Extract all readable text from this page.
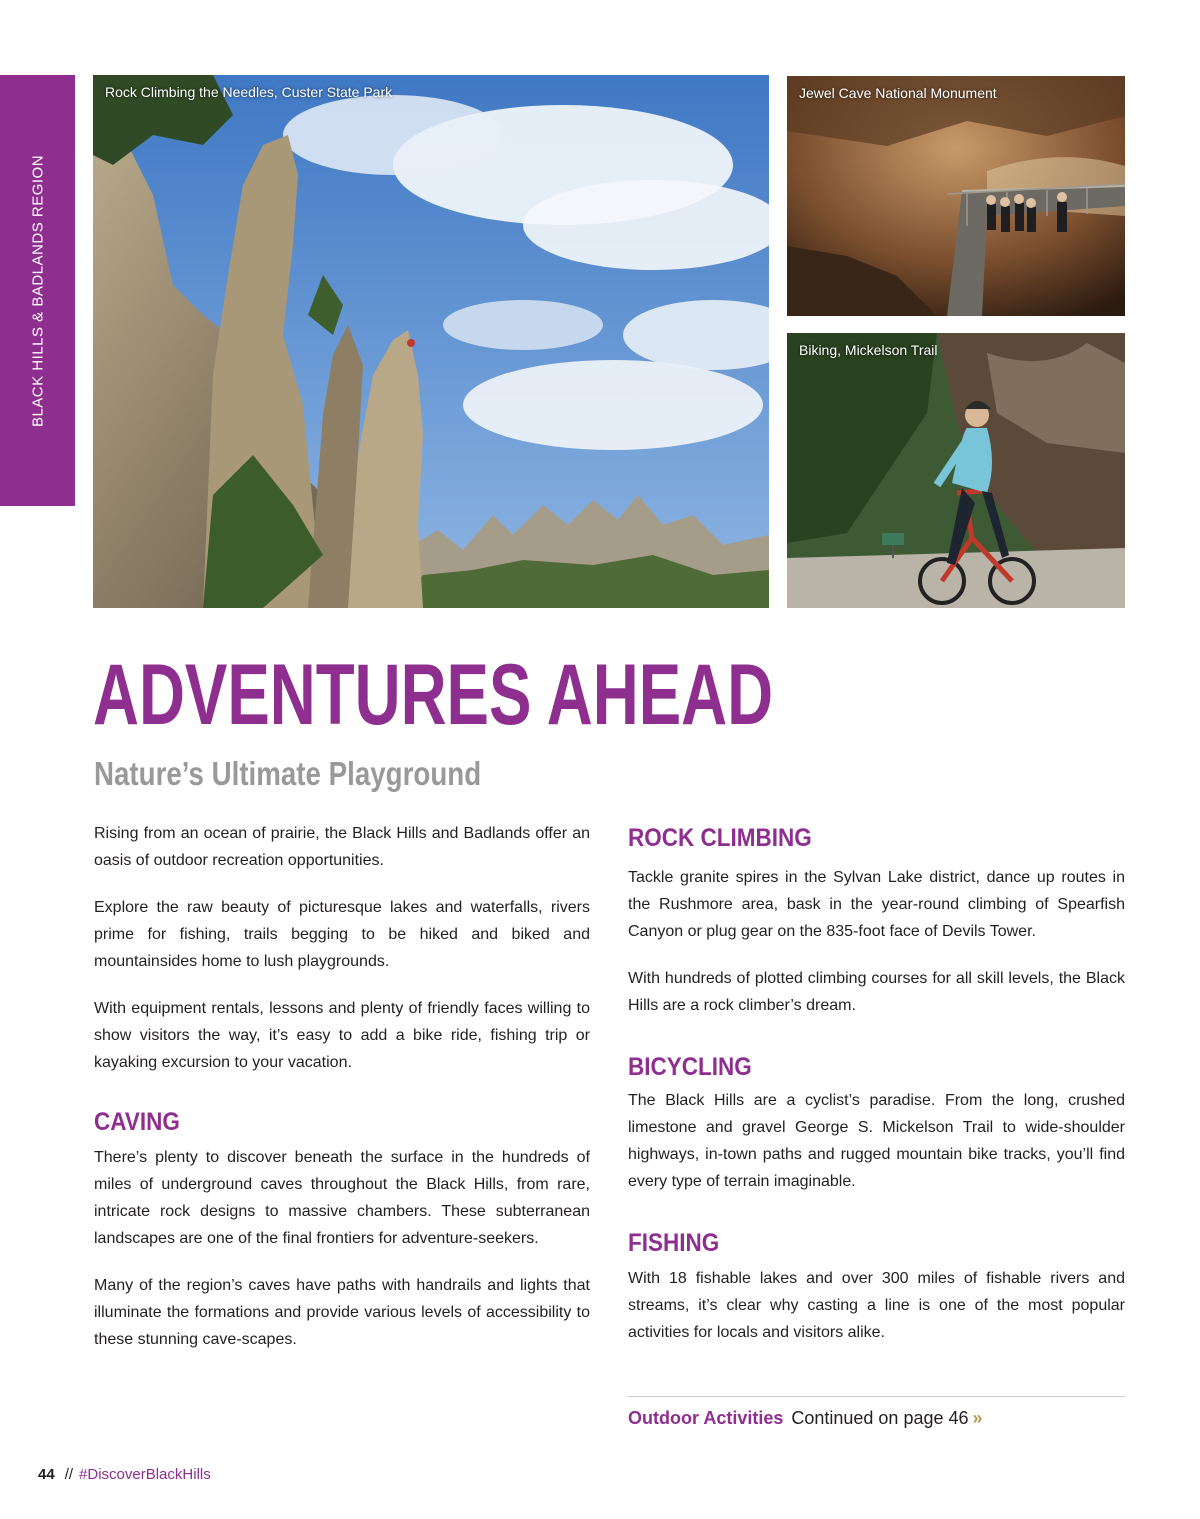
BLACK HILLS & BADLANDS REGION
Rock Climbing the Needles, Custer State Park	Jewel Cave National Monument
Biking, Mickelson Trail
ADVENTURES AHEAD
Nature’s Ultimate Playground

Rising from an ocean of prairie, the Black Hills and Badlands offer an oasis of outdoor recreation opportunities.

Explore the raw beauty of picturesque lakes and waterfalls, rivers prime for fishing, trails begging to be hiked and biked and mountainsides home to lush playgrounds.

With equipment rentals, lessons and plenty of friendly faces willing to show visitors the way, it’s easy to add a bike ride, fishing trip or kayaking excursion to your vacation.

CAVING

There’s plenty to discover beneath the surface in the hundreds of miles of underground caves throughout the Black Hills, from rare, intricate rock designs to massive chambers. These subterranean landscapes are one of the final frontiers for adventure-seekers.

Many of the region’s caves have paths with handrails and lights that illuminate the formations and provide various levels of accessibility to these stunning cave-scapes.

ROCK CLIMBING

Tackle granite spires in the Sylvan Lake district, dance up routes in the Rushmore area, bask in the year-round climbing of Spearfish Canyon or plug gear on the 835-foot face of Devils Tower.

With hundreds of plotted climbing courses for all skill levels, the Black Hills are a rock climber’s dream.

BICYCLING

The Black Hills are a cyclist’s paradise. From the long, crushed limestone and gravel George S. Mickelson Trail to wide-shoulder highways, in-town paths and rugged mountain bike tracks, you’ll find every type of terrain imaginable.

FISHING

With 18 fishable lakes and over 300 miles of fishable rivers and streams, it’s clear why casting a line is one of the most popular activities for locals and visitors alike.

Outdoor Activities Continued on page 46 »
44 // #DiscoverBlackHills
